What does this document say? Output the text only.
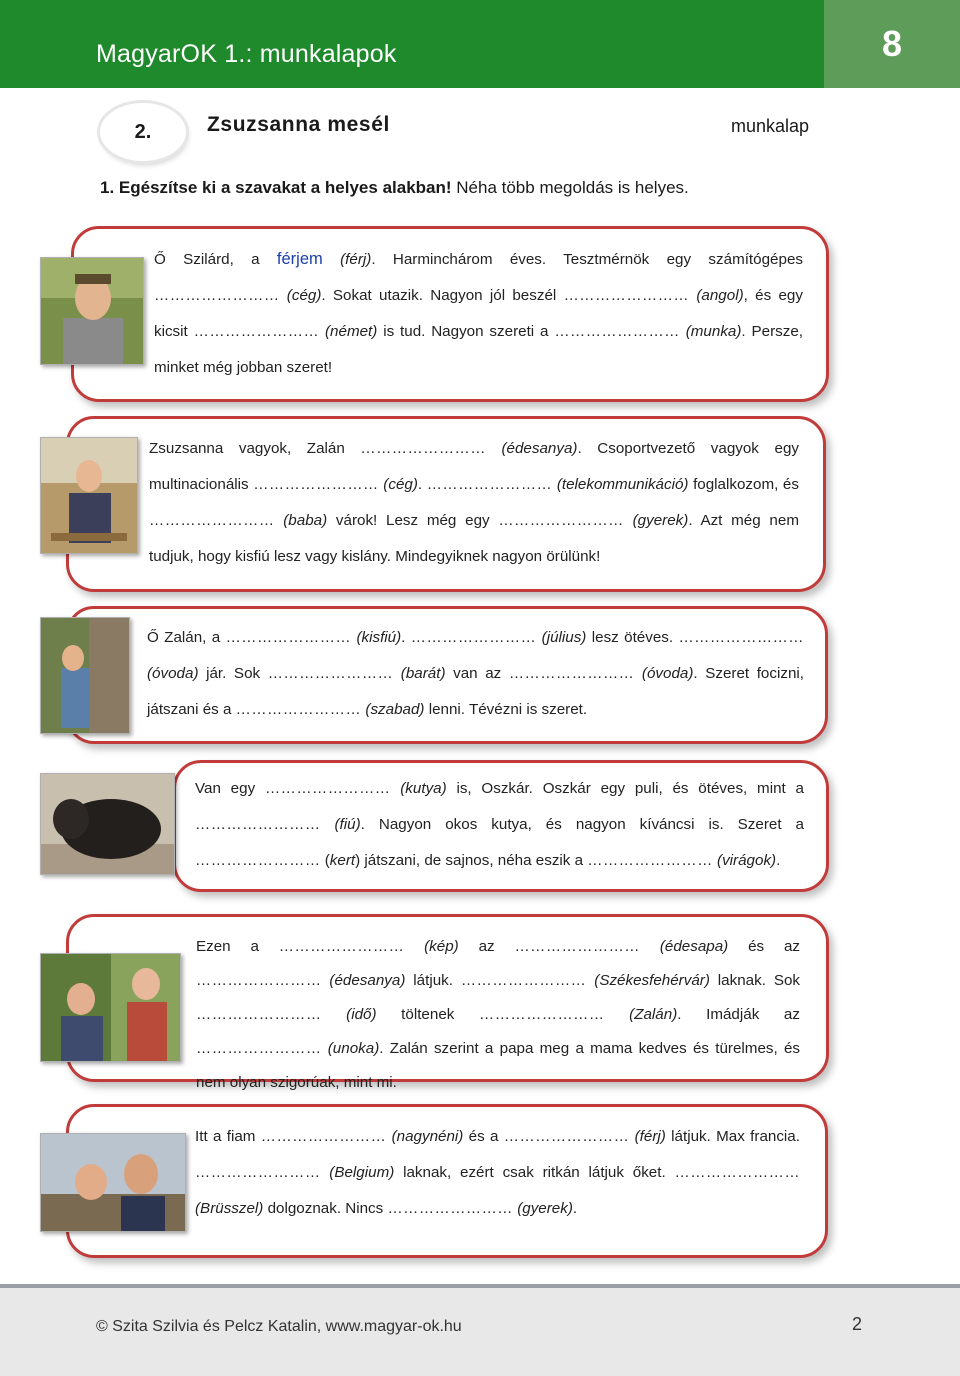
MagyarOK 1.: munkalapok	8
2.	Zsuzsanna mesél	munkalap
1. Egészítse ki a szavakat a helyes alakban! Néha több megoldás is helyes.
Ő Szilárd, a férjem (férj). Harminchárom éves. Tesztmérnök egy számítógépes …………………… (cég). Sokat utazik. Nagyon jól beszél …………………… (angol), és egy kicsit …………………… (német) is tud. Nagyon szereti a …………………… (munka). Persze, minket még jobban szeret!
Zsuzsanna vagyok, Zalán …………………… (édesanya). Csoportvezető vagyok egy multinacionális …………………… (cég). …………………… (telekommunikáció) foglalkozom, és …………………… (baba) várok! Lesz még egy …………………… (gyerek). Azt még nem tudjuk, hogy kisfiú lesz vagy kislány. Mindegyiknek nagyon örülünk!
Ő Zalán, a …………………… (kisfiú). …………………… (július) lesz ötéves. …………………… (óvoda) jár. Sok …………………… (barát) van az …………………… (óvoda). Szeret focizni, játszani és a …………………… (szabad) lenni. Tévézni is szeret.
Van egy …………………… (kutya) is, Oszkár. Oszkár egy puli, és ötéves, mint a …………………… (fiú). Nagyon okos kutya, és nagyon kíváncsi is. Szeret a …………………… (kert) játszani, de sajnos, néha eszik a …………………… (virágok).
Ezen a …………………… (kép) az …………………… (édesapa) és az …………………… (édesanya) látjuk. …………………… (Székesfehérvár) laknak. Sok …………………… (idő) töltenek …………………… (Zalán). Imádják az …………………… (unoka). Zalán szerint a papa meg a mama kedves és türelmes, és nem olyan szigorúak, mint mi.
Itt a fiam …………………… (nagynéni) és a …………………… (férj) látjuk. Max francia. …………………… (Belgium) laknak, ezért csak ritkán látjuk őket. …………………… (Brüsszel) dolgoznak. Nincs …………………… (gyerek).
© Szita Szilvia és Pelcz Katalin, www.magyar-ok.hu	2
